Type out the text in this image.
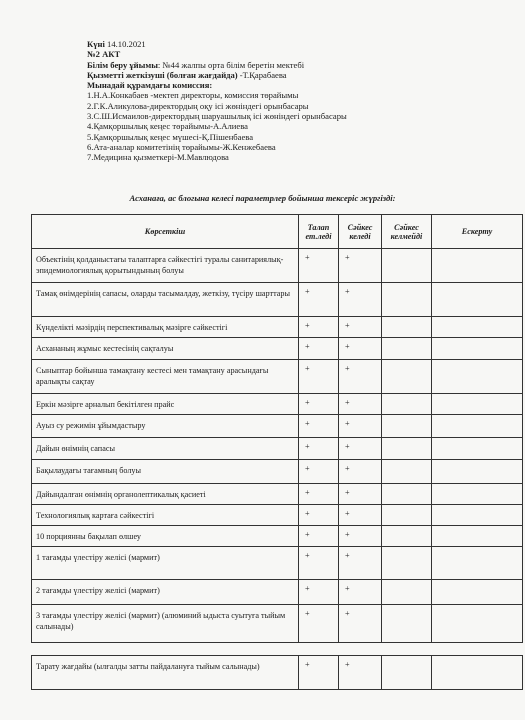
Күні 14.10.2021
№2 АКТ
Білім беру ұйымы: №44 жалпы орта білім беретін мектебі
Қызметті жеткізуші (болған жағдайда) -Т.Қарабаева
Мынадай құрамдағы комиссия:
1.Н.А.Конкабаев -мектеп директоры, комиссия төрайымы
2.Г.К.Аликулова-директордың оқу ісі жөніндегі орынбасары
3.С.Ш.Исмаилов-директордың шаруашылық ісі жөніндегі орынбасары
4.Қамқоршылық кеңес төрайымы-А.Алиева
5.Қамқоршылық кеңес мүшесі-Қ.Пішенбаева
6.Ата-аналар комитетінің төрайымы-Ж.Кенжебаева
7.Медицина қызметкері-М.Мавлюдова
Асханаға, ас блогына келесі параметрлер бойынша тексеріс жүргізді:
Көрсеткіш	Талап ет.ледi	Сәйкес келеді	Сәйкес келмейді	Ескерту
Объектінің қолданыстағы талаптарға сәйкестігі туралы санитариялық-эпидемиологиялық қорытындының болуы	+	+		
Тамақ өнімдерінің сапасы, оларды тасымалдау, жеткізу, түсіру шарттары	+	+		
Күнделікті мәзірдің перспективалық мәзірге сәйкестігі	+	+		
Асхананың жұмыс кестесінің сақталуы	+	+		
Сыныптар бойынша тамақтану кестесі мен тамақтану арасындағы аралықты сақтау	+	+		
Еркін мәзірге арналып бекітілген прайс	+	+		
Ауыз су режимін ұйымдастыру	+	+		
Дайын өнімнің сапасы	+	+		
Бақылаудағы тағамның болуы	+	+		
Дайындалған өнімнің органолептикалық қасиеті	+	+		
Технологиялық картаға сәйкестігі	+	+		
10 порциянны бақылап өлшеу	+	+		
1 тағамды үлестіру желісі (мармит)	+	+		
2 тағамды үлестіру желісі (мармит)	+	+		
3 тағамды үлестіру желісі (мармит) (алюминий ыдыста суытуға тыйым салынады)	+	+		
Тарату жағдайы (ылғалды затты пайдалануға тыйым салынады)	+	+		
